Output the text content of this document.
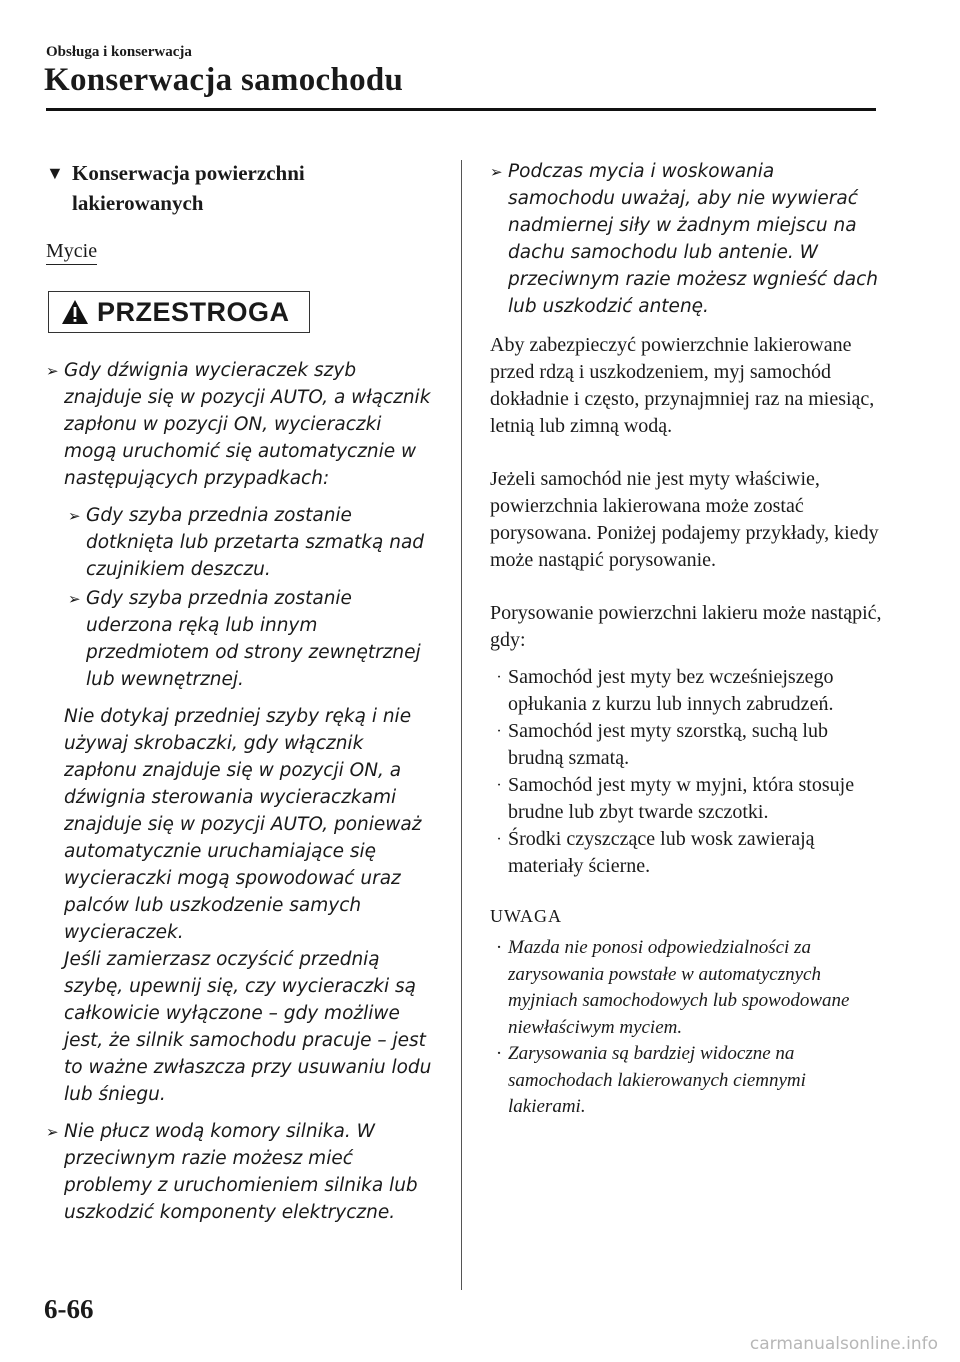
Obsługa i konserwacja
Konserwacja samochodu
▼ Konserwacja powierzchni lakierowanych
Mycie
PRZESTROGA
➢ Gdy dźwignia wycieraczek szyb znajduje się w pozycji AUTO, a włącznik zapłonu w pozycji ON, wycieraczki mogą uruchomić się automatycznie w następujących przypadkach:
➢ Gdy szyba przednia zostanie dotknięta lub przetarta szmatką nad czujnikiem deszczu.
➢ Gdy szyba przednia zostanie uderzona ręką lub innym przedmiotem od strony zewnętrznej lub wewnętrznej.
Nie dotykaj przedniej szyby ręką i nie używaj skrobaczki, gdy włącznik zapłonu znajduje się w pozycji ON, a dźwignia sterowania wycieraczkami znajduje się w pozycji AUTO, ponieważ automatycznie uruchamiające się wycieraczki mogą spowodować uraz palców lub uszkodzenie samych wycieraczek.
Jeśli zamierzasz oczyścić przednią szybę, upewnij się, czy wycieraczki są całkowicie wyłączone – gdy możliwe jest, że silnik samochodu pracuje – jest to ważne zwłaszcza przy usuwaniu lodu lub śniegu.
➢ Nie płucz wodą komory silnika. W przeciwnym razie możesz mieć problemy z uruchomieniem silnika lub uszkodzić komponenty elektryczne.
➢ Podczas mycia i woskowania samochodu uważaj, aby nie wywierać nadmiernej siły w żadnym miejscu na dachu samochodu lub antenie. W przeciwnym razie możesz wgnieść dach lub uszkodzić antenę.
Aby zabezpieczyć powierzchnie lakierowane przed rdzą i uszkodzeniem, myj samochód dokładnie i często, przynajmniej raz na miesiąc, letnią lub zimną wodą.
Jeżeli samochód nie jest myty właściwie, powierzchnia lakierowana może zostać porysowana. Poniżej podajemy przykłady, kiedy może nastąpić porysowanie.
Porysowanie powierzchni lakieru może nastąpić, gdy:
· Samochód jest myty bez wcześniejszego opłukania z kurzu lub innych zabrudzeń.
· Samochód jest myty szorstką, suchą lub brudną szmatą.
· Samochód jest myty w myjni, która stosuje brudne lub zbyt twarde szczotki.
· Środki czyszczące lub wosk zawierają materiały ścierne.
UWAGA
· Mazda nie ponosi odpowiedzialności za zarysowania powstałe w automatycznych myjniach samochodowych lub spowodowane niewłaściwym myciem.
· Zarysowania są bardziej widoczne na samochodach lakierowanych ciemnymi lakierami.
6-66
carmanualsonline.info
